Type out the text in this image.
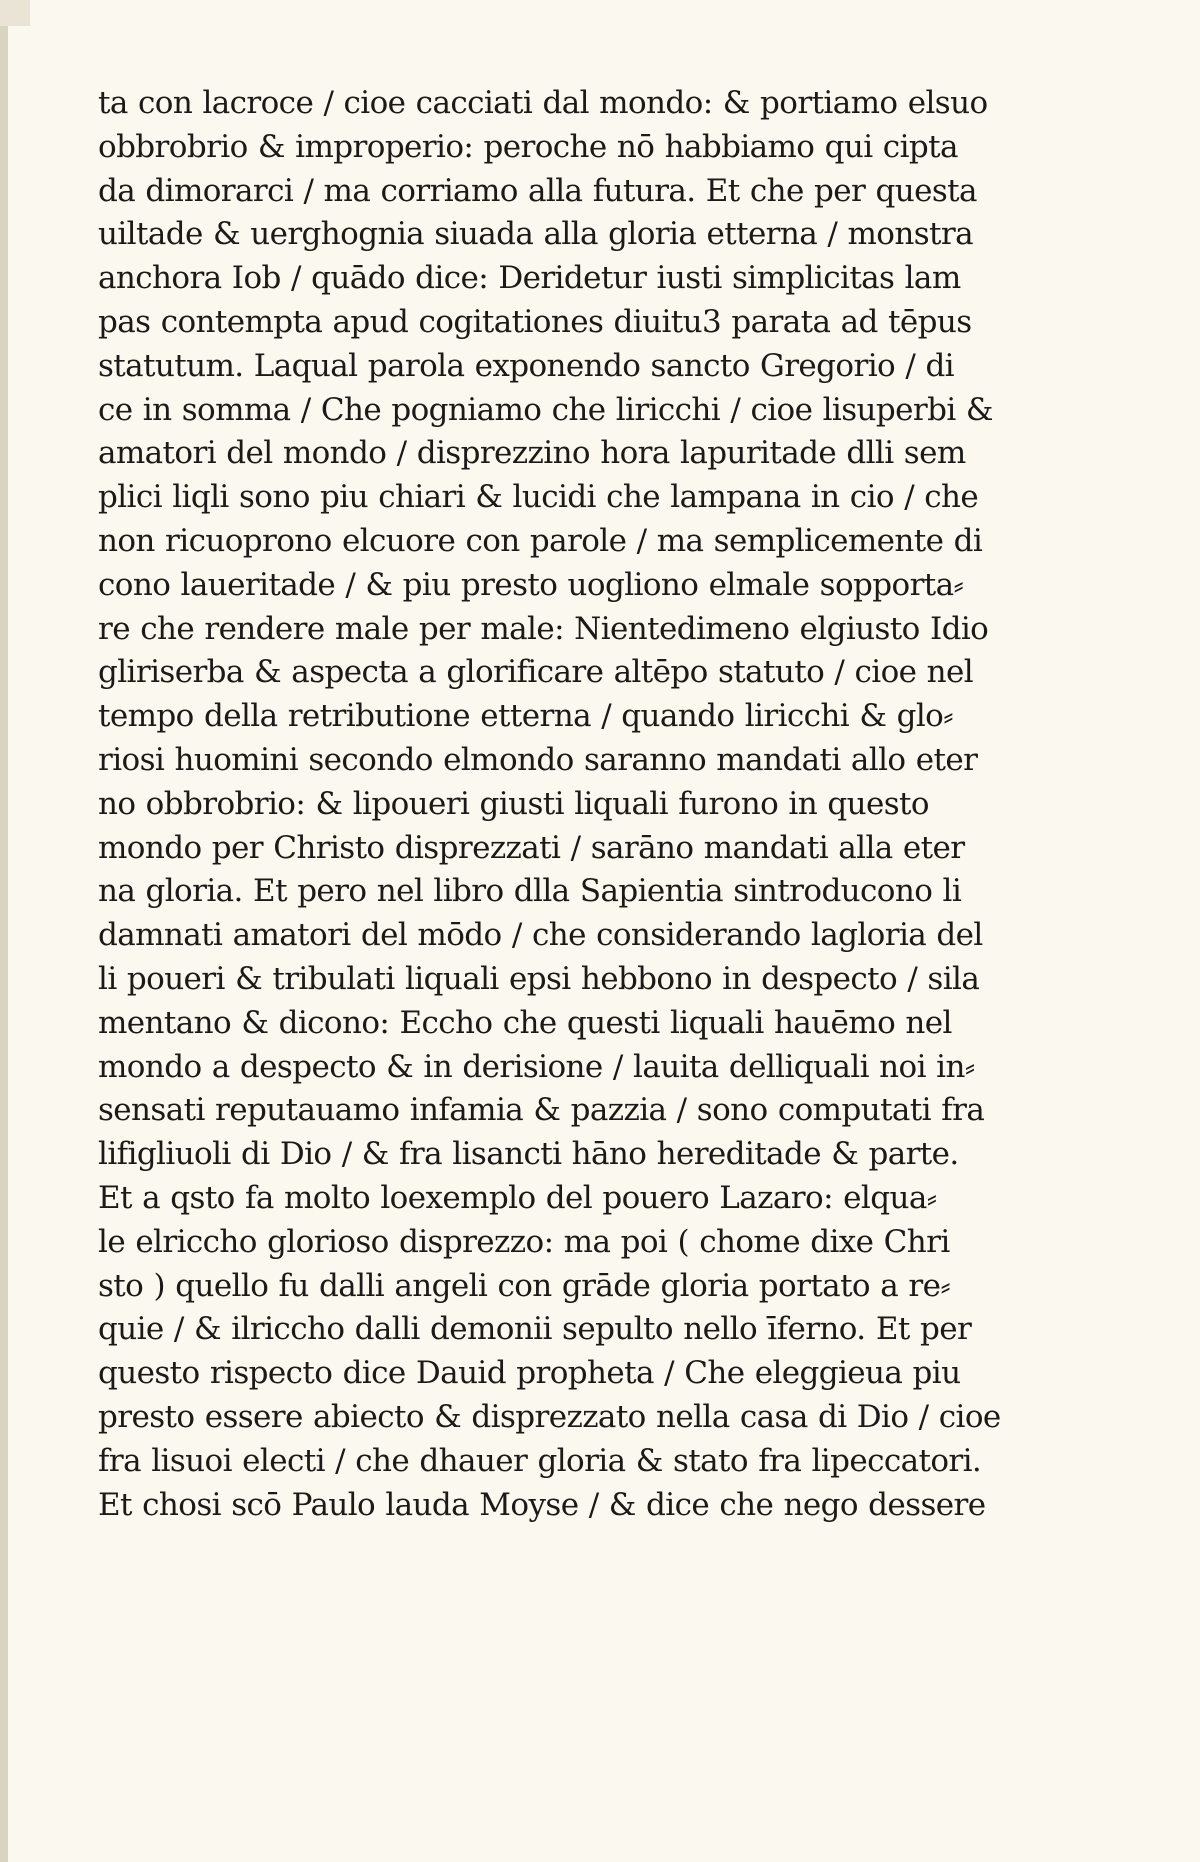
ta con lacroce / cioe cacciati dal mondo: & portiamo elsuo
obbrobrio & improperio: peroche nō habbiamo qui cipta
da dimorarci / ma corriamo alla futura. Et che per questa
uiltade & uerghognia siuada alla gloria etterna / monstra
anchora Iob / quādo dice: Deridetur iusti simplicitas lam
pas contempta apud cogitationes diuitu3 parata ad tēpus
statutum. Laqual parola exponendo sancto Gregorio / di
ce in somma / Che pogniamo che liricchi / cioe lisuperbi &
amatori del mondo / disprezzino hora lapuritade dlli sem
plici liqli sono piu chiari & lucidi che lampana in cio / che
non ricuoprono elcuore con parole / ma semplicemente di
cono laueritade / & piu presto uogliono elmale sopporta⸗
re che rendere male per male: Nientedimeno elgiusto Idio
gliriserba & aspecta a glorificare altēpo statuto / cioe nel
tempo della retributione etterna / quando liricchi & glo⸗
riosi huomini secondo elmondo saranno mandati allo eter
no obbrobrio: & lipoueri giusti liquali furono in questo
mondo per Christo disprezzati / sarāno mandati alla eter
na gloria. Et pero nel libro dlla Sapientia sintroducono li
damnati amatori del mōdo / che considerando lagloria del
li poueri & tribulati liquali epsi hebbono in despecto / sila
mentano & dicono: Eccho che questi liquali hauēmo nel
mondo a despecto & in derisione / lauita delliquali noi in⸗
sensati reputauamo infamia & pazzia / sono computati fra
lifigliuoli di Dio / & fra lisancti hāno hereditade & parte.
Et a qsto fa molto loexemplo del pouero Lazaro: elqua⸗
le elriccho glorioso disprezzo: ma poi ( chome dixe Chri
sto ) quello fu dalli angeli con grāde gloria portato a re⸗
quie / & ilriccho dalli demonii sepulto nello īferno. Et per
questo rispecto dice Dauid propheta / Che eleggieua piu
presto essere abiecto & disprezzato nella casa di Dio / cioe
fra lisuoi electi / che dhauer gloria & stato fra lipeccatori.
Et chosi scō Paulo lauda Moyse / & dice che nego dessere
